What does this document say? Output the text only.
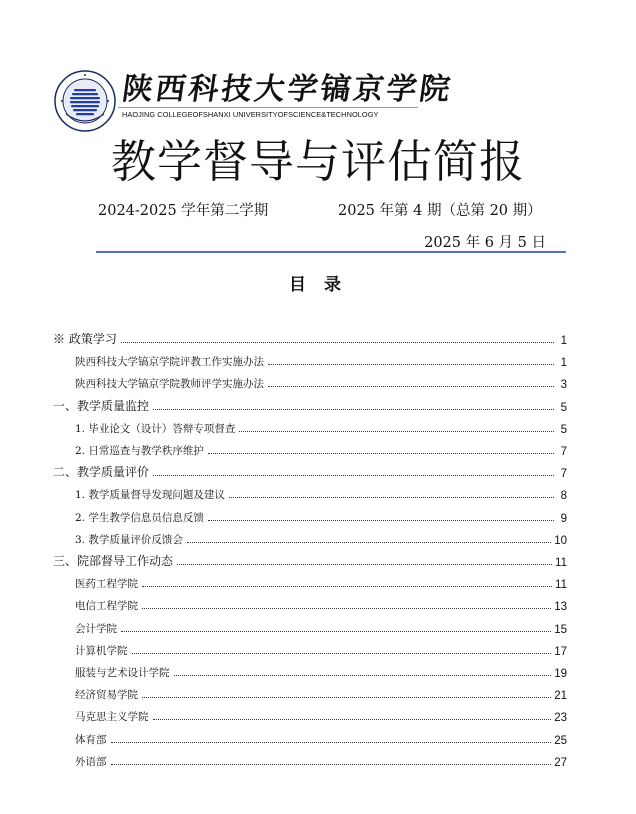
陕西科技大学镐京学院
HAOJING COLLEGEOFSHANXI UNIVERSITYOFSCIENCE&TECHNOLOGY
教学督导与评估简报
2024-2025 学年第二学期	2025 年第 4 期（总第 20 期）
2025 年 6 月 5 日
目 录
※ 政策学习	1
陕西科技大学镐京学院评教工作实施办法	1
陕西科技大学镐京学院教师评学实施办法	3
一、教学质量监控	5
1. 毕业论文（设计）答辩专项督查	5
2. 日常巡查与教学秩序维护	7
二、教学质量评价	7
1. 教学质量督导发现问题及建议	8
2. 学生教学信息员信息反馈	9
3. 教学质量评价反馈会	10
三、院部督导工作动态	11
医药工程学院	11
电信工程学院	13
会计学院	15
计算机学院	17
服装与艺术设计学院	19
经济贸易学院	21
马克思主义学院	23
体育部	25
外语部	27
